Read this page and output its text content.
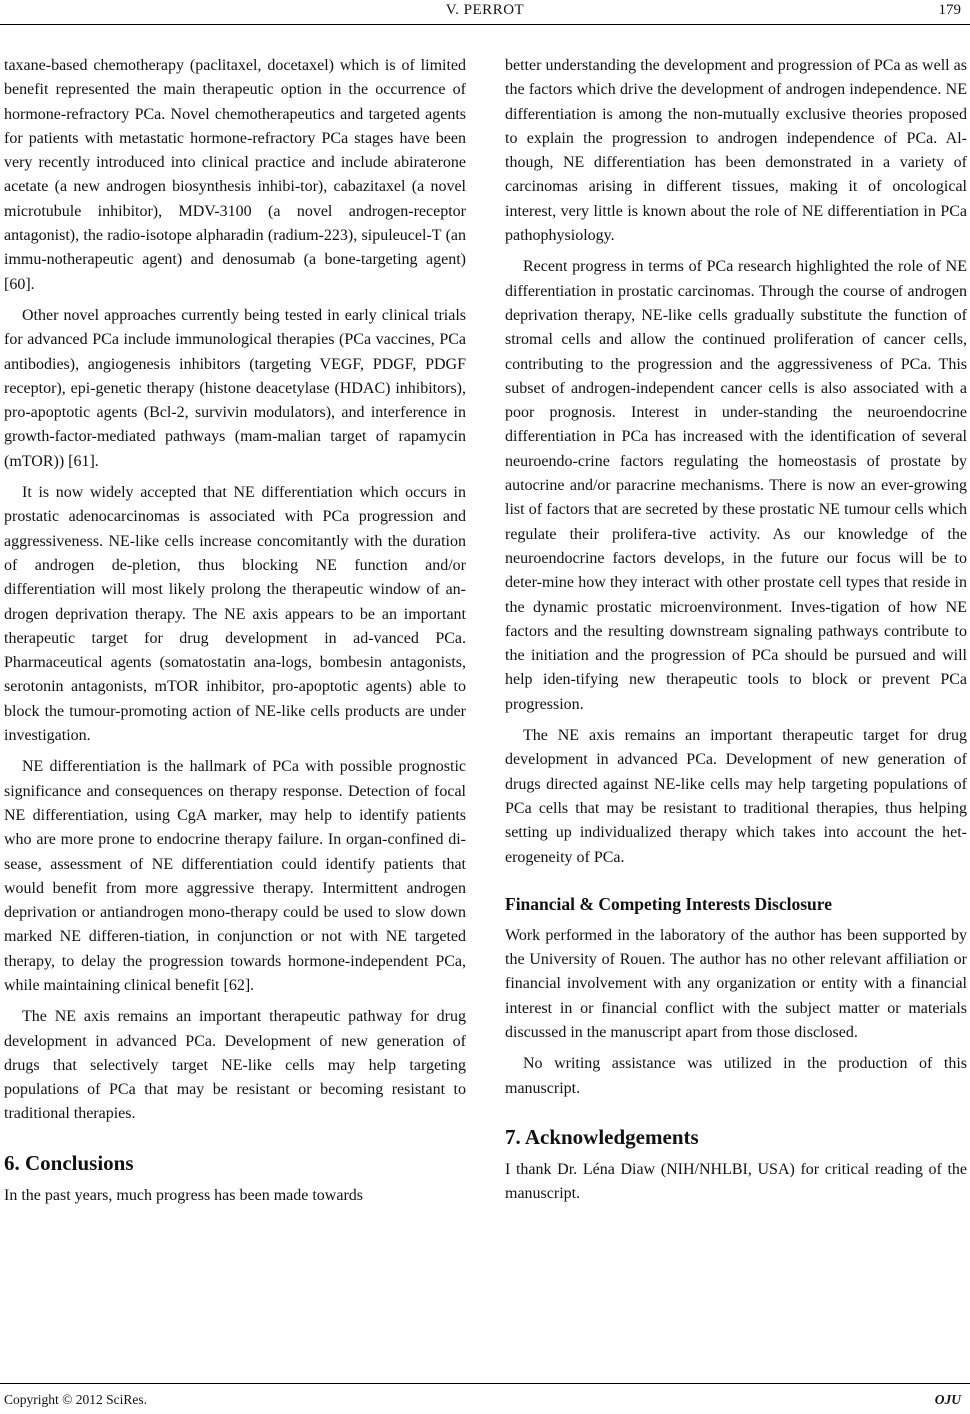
V. PERROT	179

taxane-based chemotherapy (paclitaxel, docetaxel) which is of limited benefit represented the main therapeutic option in the occurrence of hormone-refractory PCa. Novel chemotherapeutics and targeted agents for patients with metastatic hormone-refractory PCa stages have been very recently introduced into clinical practice and include abiraterone acetate (a new androgen biosynthesis inhibi-tor), cabazitaxel (a novel microtubule inhibitor), MDV-3100 (a novel androgen-receptor antagonist), the radio-isotope alpharadin (radium-223), sipuleucel-T (an immu-notherapeutic agent) and denosumab (a bone-targeting agent) [60].

Other novel approaches currently being tested in early clinical trials for advanced PCa include immunological therapies (PCa vaccines, PCa antibodies), angiogenesis inhibitors (targeting VEGF, PDGF, PDGF receptor), epi-genetic therapy (histone deacetylase (HDAC) inhibitors), pro-apoptotic agents (Bcl-2, survivin modulators), and interference in growth-factor-mediated pathways (mam-malian target of rapamycin (mTOR)) [61].

It is now widely accepted that NE differentiation which occurs in prostatic adenocarcinomas is associated with PCa progression and aggressiveness. NE-like cells increase concomitantly with the duration of androgen de-pletion, thus blocking NE function and/or differentiation will most likely prolong the therapeutic window of an-drogen deprivation therapy. The NE axis appears to be an important therapeutic target for drug development in ad-vanced PCa. Pharmaceutical agents (somatostatin ana-logs, bombesin antagonists, serotonin antagonists, mTOR inhibitor, pro-apoptotic agents) able to block the tumour-promoting action of NE-like cells products are under investigation.

NE differentiation is the hallmark of PCa with possible prognostic significance and consequences on therapy response. Detection of focal NE differentiation, using CgA marker, may help to identify patients who are more prone to endocrine therapy failure. In organ-confined di-sease, assessment of NE differentiation could identify patients that would benefit from more aggressive therapy. Intermittent androgen deprivation or antiandrogen mono-therapy could be used to slow down marked NE differen-tiation, in conjunction or not with NE targeted therapy, to delay the progression towards hormone-independent PCa, while maintaining clinical benefit [62].

The NE axis remains an important therapeutic pathway for drug development in advanced PCa. Development of new generation of drugs that selectively target NE-like cells may help targeting populations of PCa that may be resistant or becoming resistant to traditional therapies.

6. Conclusions

In the past years, much progress has been made towards

better understanding the development and progression of PCa as well as the factors which drive the development of androgen independence. NE differentiation is among the non-mutually exclusive theories proposed to explain the progression to androgen independence of PCa. Al-though, NE differentiation has been demonstrated in a variety of carcinomas arising in different tissues, making it of oncological interest, very little is known about the role of NE differentiation in PCa pathophysiology.

Recent progress in terms of PCa research highlighted the role of NE differentiation in prostatic carcinomas. Through the course of androgen deprivation therapy, NE-like cells gradually substitute the function of stromal cells and allow the continued proliferation of cancer cells, contributing to the progression and the aggressiveness of PCa. This subset of androgen-independent cancer cells is also associated with a poor prognosis. Interest in under-standing the neuroendocrine differentiation in PCa has increased with the identification of several neuroendo-crine factors regulating the homeostasis of prostate by autocrine and/or paracrine mechanisms. There is now an ever-growing list of factors that are secreted by these prostatic NE tumour cells which regulate their prolifera-tive activity. As our knowledge of the neuroendocrine factors develops, in the future our focus will be to deter-mine how they interact with other prostate cell types that reside in the dynamic prostatic microenvironment. Inves-tigation of how NE factors and the resulting downstream signaling pathways contribute to the initiation and the progression of PCa should be pursued and will help iden-tifying new therapeutic tools to block or prevent PCa progression.

The NE axis remains an important therapeutic target for drug development in advanced PCa. Development of new generation of drugs directed against NE-like cells may help targeting populations of PCa cells that may be resistant to traditional therapies, thus helping setting up individualized therapy which takes into account the het-erogeneity of PCa.

Financial & Competing Interests Disclosure

Work performed in the laboratory of the author has been supported by the University of Rouen. The author has no other relevant affiliation or financial involvement with any organization or entity with a financial interest in or financial conflict with the subject matter or materials discussed in the manuscript apart from those disclosed.

No writing assistance was utilized in the production of this manuscript.

7. Acknowledgements

I thank Dr. Léna Diaw (NIH/NHLBI, USA) for critical reading of the manuscript.

Copyright © 2012 SciRes.	OJU
